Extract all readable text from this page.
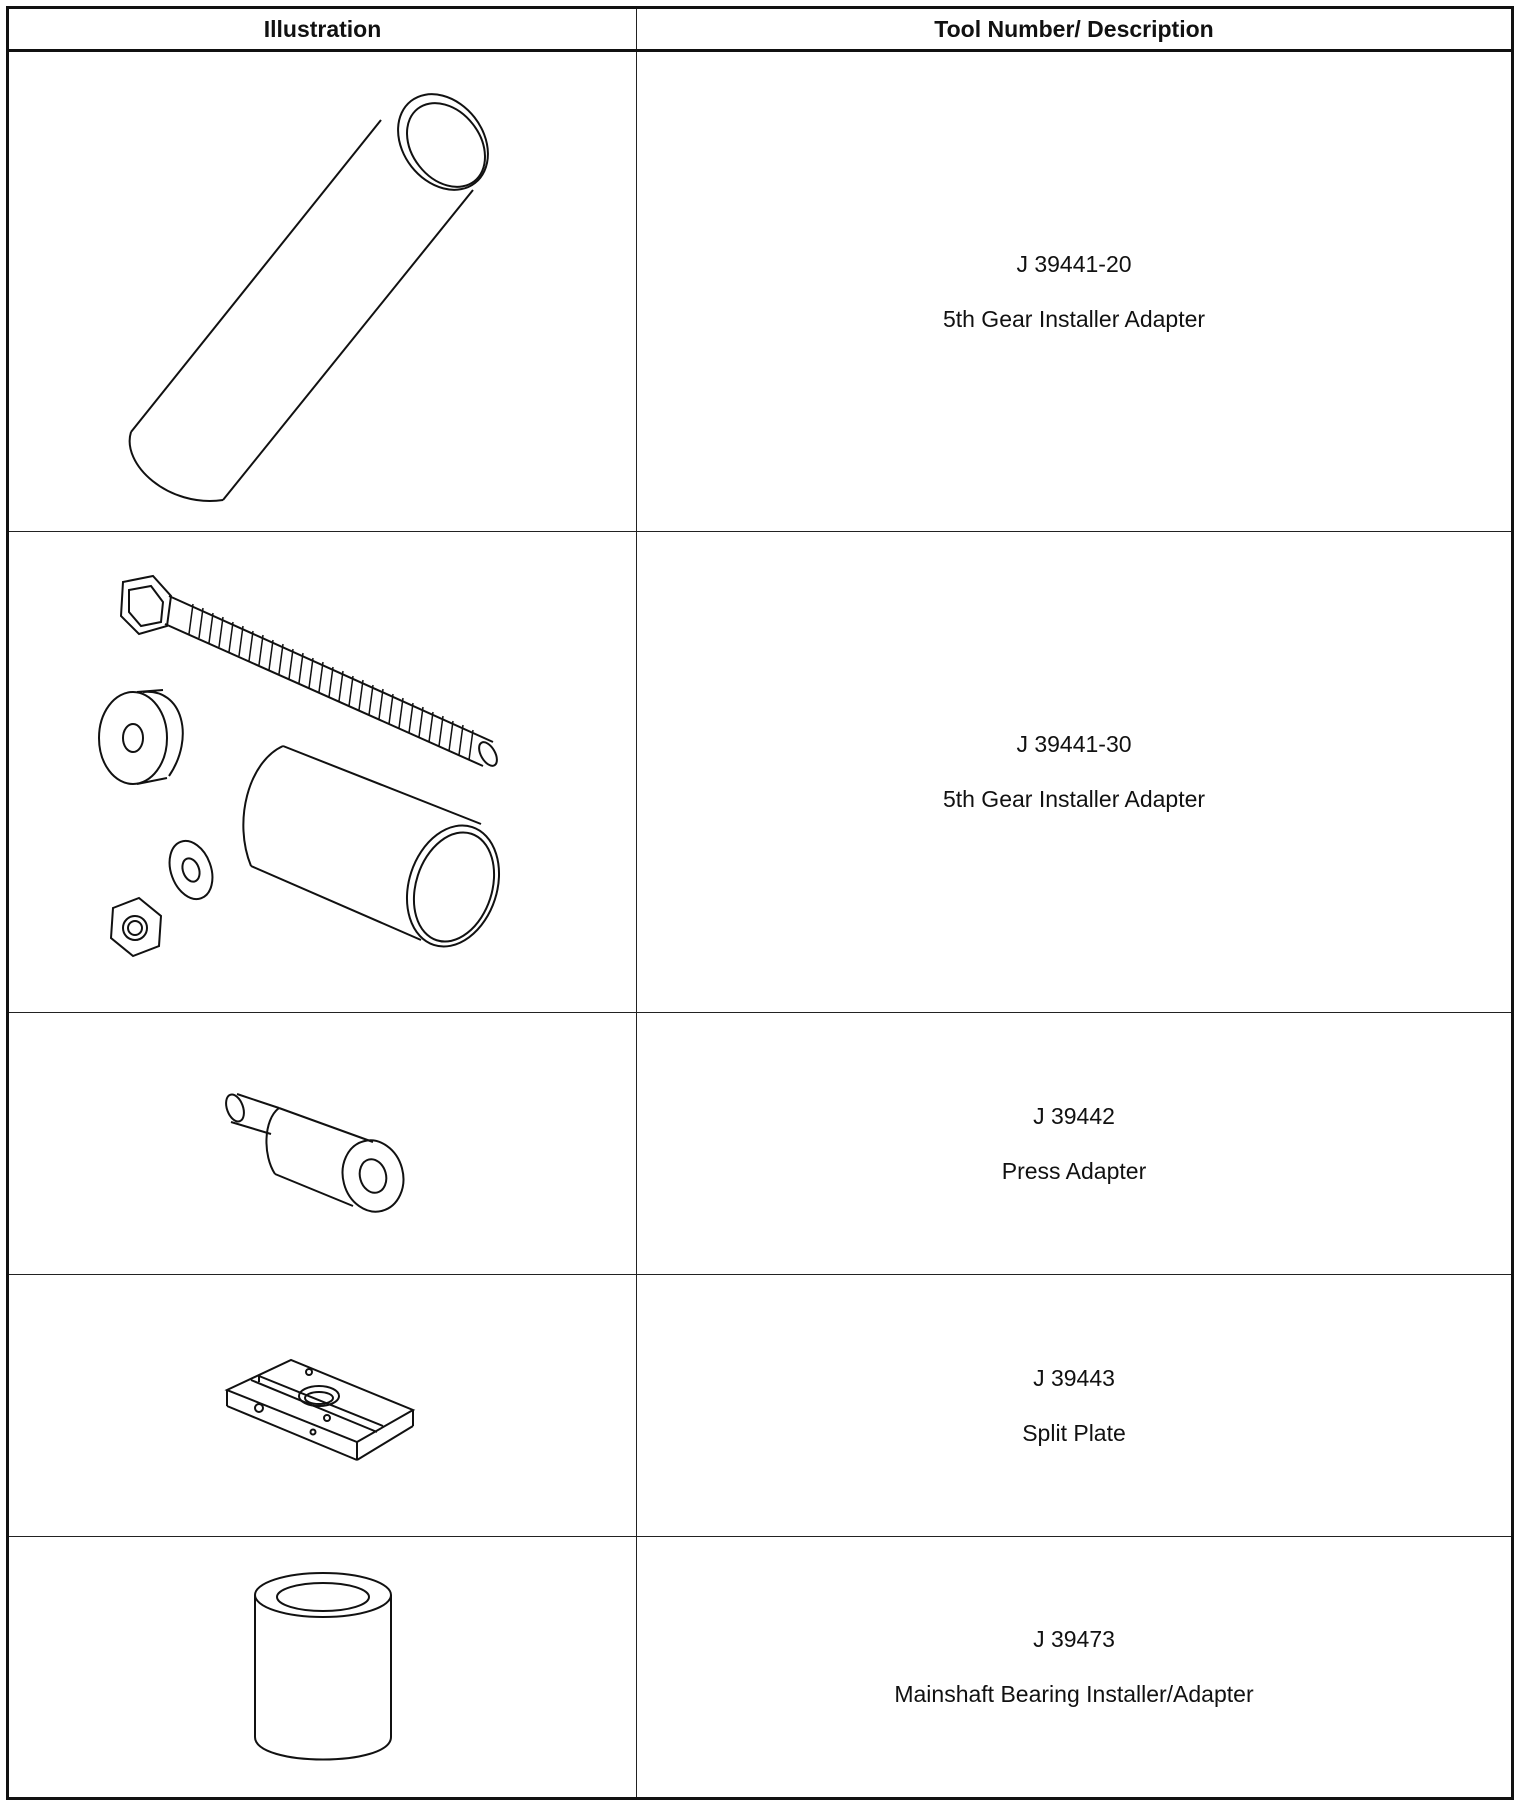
Illustration	Tool Number/ Description

J 39441-20
5th Gear Installer Adapter

J 39441-30
5th Gear Installer Adapter

J 39442
Press Adapter

J 39443
Split Plate

J 39473
Mainshaft Bearing Installer/Adapter
